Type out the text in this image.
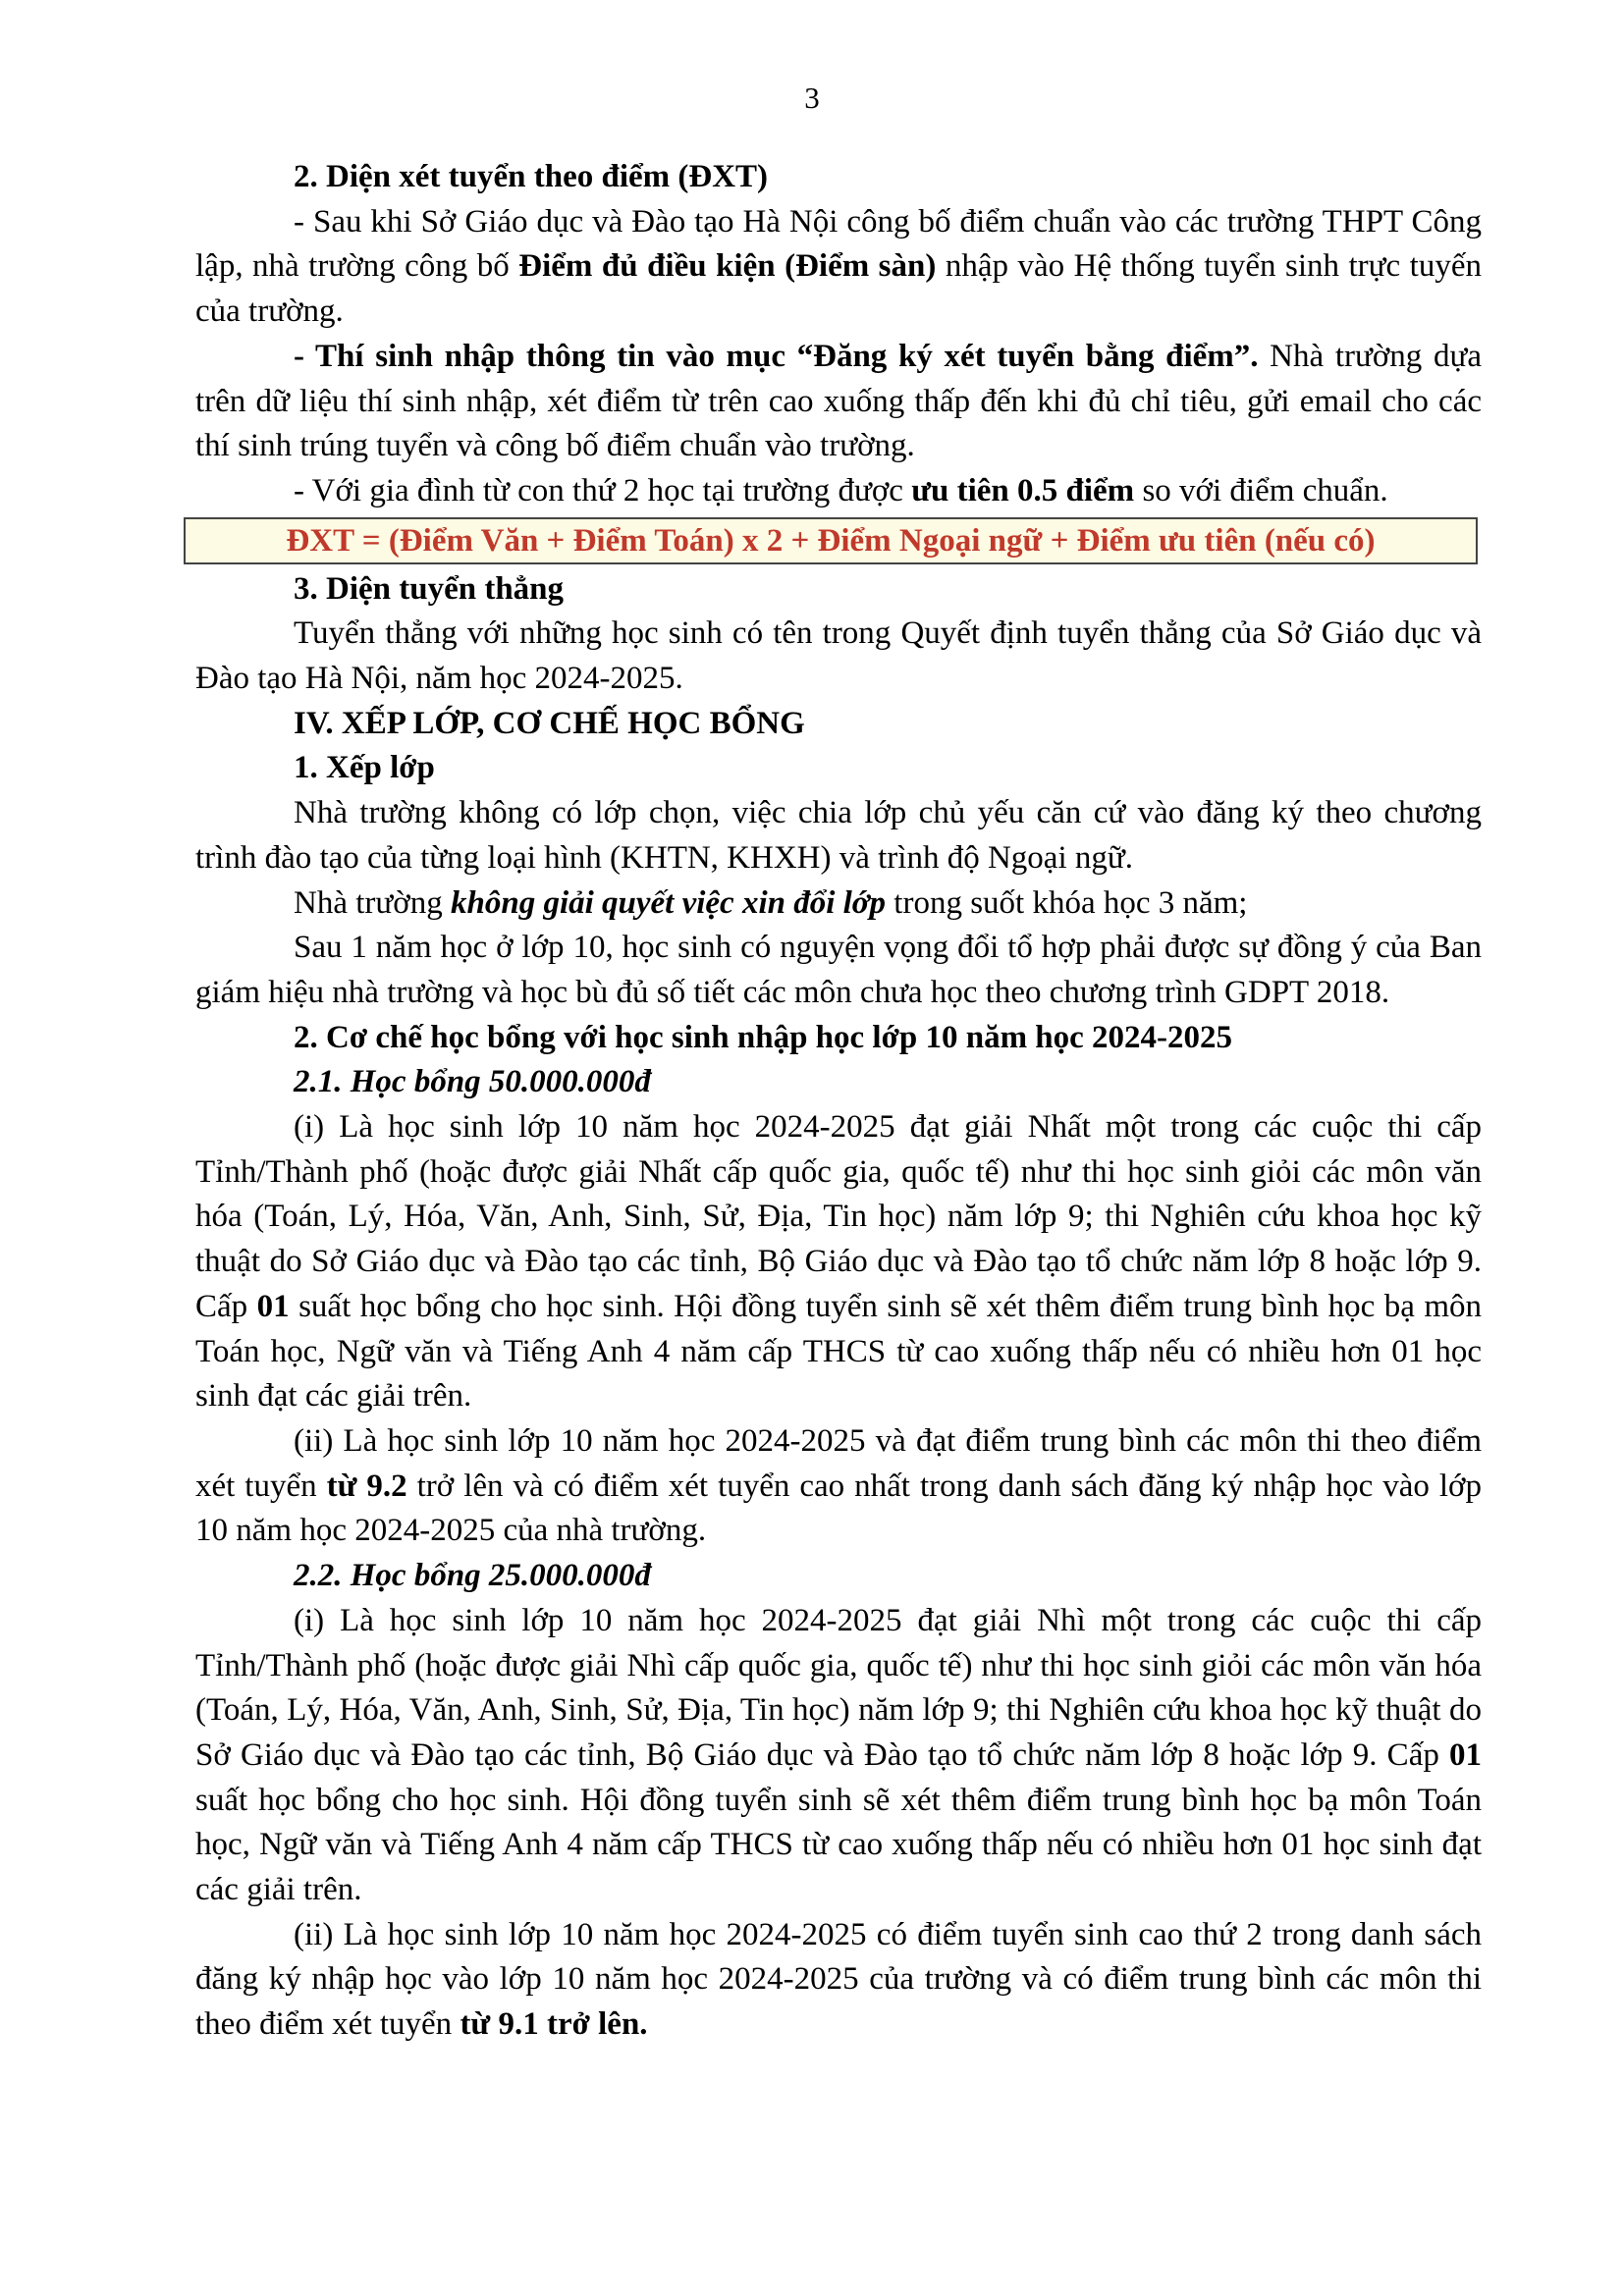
3

2. Diện xét tuyển theo điểm (ĐXT)

- Sau khi Sở Giáo dục và Đào tạo Hà Nội công bố điểm chuẩn vào các trường THPT Công lập, nhà trường công bố Điểm đủ điều kiện (Điểm sàn) nhập vào Hệ thống tuyển sinh trực tuyến của trường.

- Thí sinh nhập thông tin vào mục “Đăng ký xét tuyển bằng điểm”. Nhà trường dựa trên dữ liệu thí sinh nhập, xét điểm từ trên cao xuống thấp đến khi đủ chỉ tiêu, gửi email cho các thí sinh trúng tuyển và công bố điểm chuẩn vào trường.

- Với gia đình từ con thứ 2 học tại trường được ưu tiên 0.5 điểm so với điểm chuẩn.

ĐXT = (Điểm Văn + Điểm Toán) x 2 + Điểm Ngoại ngữ + Điểm ưu tiên (nếu có)

3. Diện tuyển thẳng

Tuyển thẳng với những học sinh có tên trong Quyết định tuyển thẳng của Sở Giáo dục và Đào tạo Hà Nội, năm học 2024-2025.

IV. XẾP LỚP, CƠ CHẾ HỌC BỔNG

1. Xếp lớp

Nhà trường không có lớp chọn, việc chia lớp chủ yếu căn cứ vào đăng ký theo chương trình đào tạo của từng loại hình (KHTN, KHXH) và trình độ Ngoại ngữ.

Nhà trường không giải quyết việc xin đổi lớp trong suốt khóa học 3 năm;

Sau 1 năm học ở lớp 10, học sinh có nguyện vọng đổi tổ hợp phải được sự đồng ý của Ban giám hiệu nhà trường và học bù đủ số tiết các môn chưa học theo chương trình GDPT 2018.

2. Cơ chế học bổng với học sinh nhập học lớp 10 năm học 2024-2025

2.1. Học bổng 50.000.000đ

(i) Là học sinh lớp 10 năm học 2024-2025 đạt giải Nhất một trong các cuộc thi cấp Tỉnh/Thành phố (hoặc được giải Nhất cấp quốc gia, quốc tế) như thi học sinh giỏi các môn văn hóa (Toán, Lý, Hóa, Văn, Anh, Sinh, Sử, Địa, Tin học) năm lớp 9; thi Nghiên cứu khoa học kỹ thuật do Sở Giáo dục và Đào tạo các tỉnh, Bộ Giáo dục và Đào tạo tổ chức năm lớp 8 hoặc lớp 9. Cấp 01 suất học bổng cho học sinh. Hội đồng tuyển sinh sẽ xét thêm điểm trung bình học bạ môn Toán học, Ngữ văn và Tiếng Anh 4 năm cấp THCS từ cao xuống thấp nếu có nhiều hơn 01 học sinh đạt các giải trên.

(ii) Là học sinh lớp 10 năm học 2024-2025 và đạt điểm trung bình các môn thi theo điểm xét tuyển từ 9.2 trở lên và có điểm xét tuyển cao nhất trong danh sách đăng ký nhập học vào lớp 10 năm học 2024-2025 của nhà trường.

2.2. Học bổng 25.000.000đ

(i) Là học sinh lớp 10 năm học 2024-2025 đạt giải Nhì một trong các cuộc thi cấp Tỉnh/Thành phố (hoặc được giải Nhì cấp quốc gia, quốc tế) như thi học sinh giỏi các môn văn hóa (Toán, Lý, Hóa, Văn, Anh, Sinh, Sử, Địa, Tin học) năm lớp 9; thi Nghiên cứu khoa học kỹ thuật do Sở Giáo dục và Đào tạo các tỉnh, Bộ Giáo dục và Đào tạo tổ chức năm lớp 8 hoặc lớp 9. Cấp 01 suất học bổng cho học sinh. Hội đồng tuyển sinh sẽ xét thêm điểm trung bình học bạ môn Toán học, Ngữ văn và Tiếng Anh 4 năm cấp THCS từ cao xuống thấp nếu có nhiều hơn 01 học sinh đạt các giải trên.

(ii) Là học sinh lớp 10 năm học 2024-2025 có điểm tuyển sinh cao thứ 2 trong danh sách đăng ký nhập học vào lớp 10 năm học 2024-2025 của trường và có điểm trung bình các môn thi theo điểm xét tuyển từ 9.1 trở lên.
